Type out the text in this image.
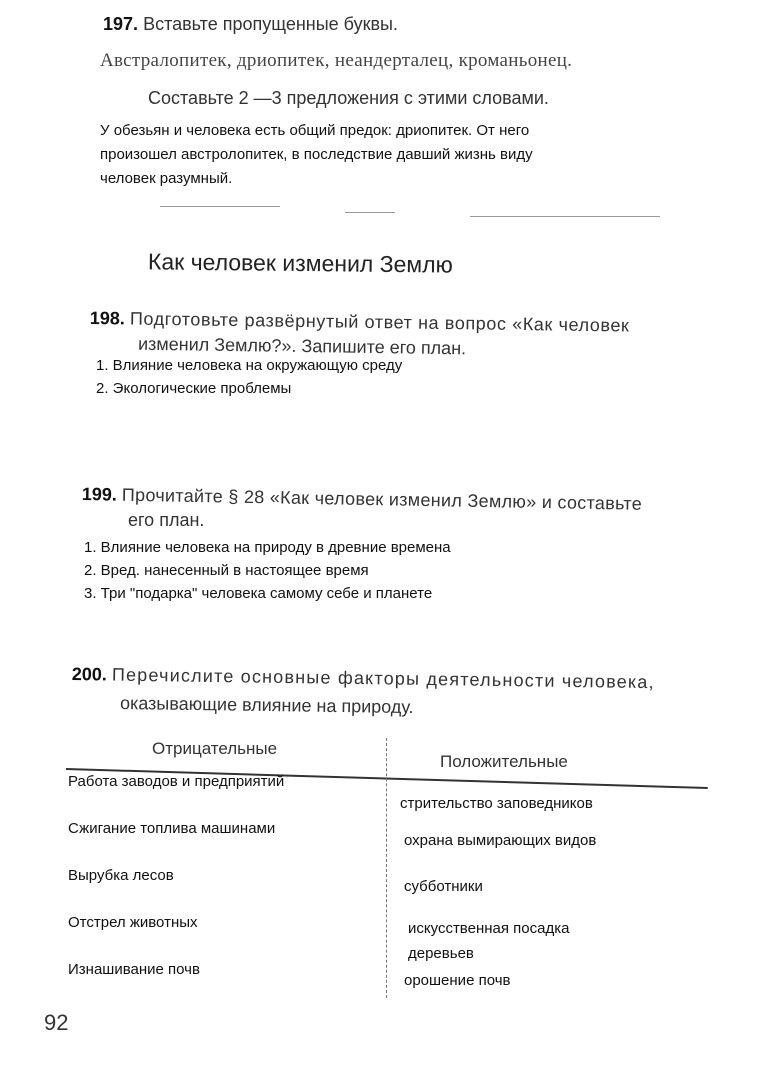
197. Вставьте пропущенные буквы.
Австралопитек, дриопитек, неандерталец, кроманьонец.
Составьте 2 —3 предложения с этими словами.
У обезьян и человека есть общий предок: дриопитек. От него
произошел австролопитек, в последствие давший жизнь виду
человек разумный.
Как человек изменил Землю
198. Подготовьте развёрнутый ответ на вопрос «Как человек
изменил Землю?». Запишите его план.
1. Влияние человека на окружающую среду
2. Экологические проблемы
199. Прочитайте § 28 «Как человек изменил Землю» и составьте
его план.
1. Влияние человека на природу в древние времена
2. Вред. нанесенный в настоящее время
3. Три "подарка" человека самому себе и планете
200. Перечислите основные факторы деятельности человека,
оказывающие влияние на природу.
Отрицательные
Положительные
Работа заводов и предприятий
Сжигание топлива машинами
Вырубка лесов
Отстрел животных
Изнашивание почв
стрительство заповедников
охрана вымирающих видов
субботники
искусственная посадка
деревьев
орошение почв
92
